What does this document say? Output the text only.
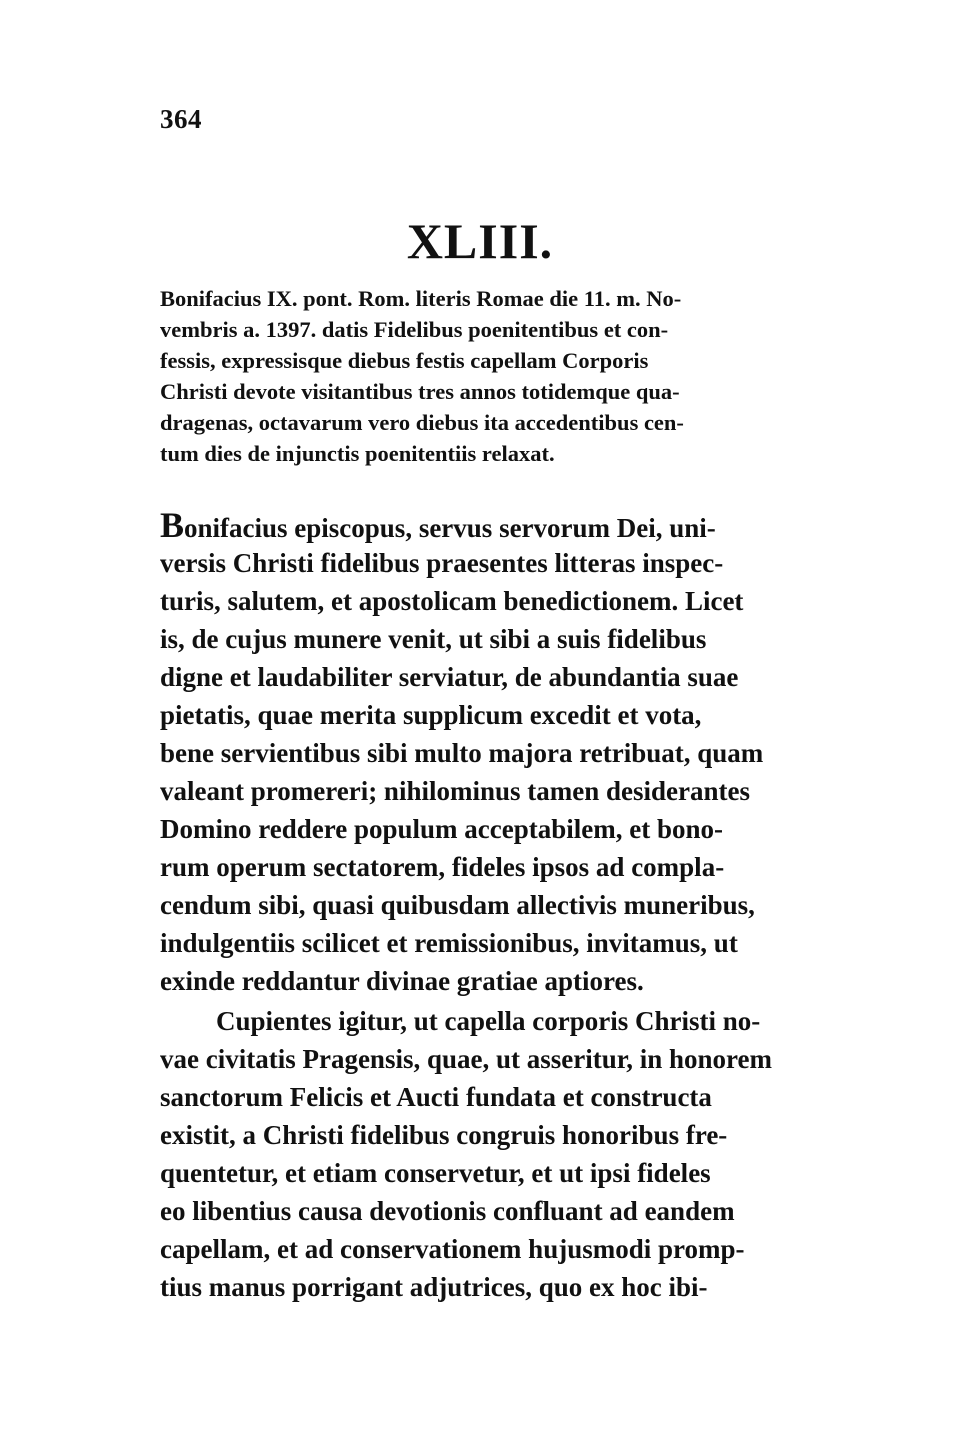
364
XLIII.
Bonifacius IX. pont. Rom. literis Romae die 11. m. No-
vembris a. 1397. datis Fidelibus poenitentibus et con-
fessis, expressisque diebus festis capellam Corporis
Christi devote visitantibus tres annos totidemque qua-
dragenas, octavarum vero diebus ita accedentibus cen-
tum dies de injunctis poenitentiis relaxat.
Bonifacius episcopus, servus servorum Dei, uni-
versis Christi fidelibus praesentes litteras inspec-
turis, salutem, et apostolicam benedictionem. Licet
is, de cujus munere venit, ut sibi a suis fidelibus
digne et laudabiliter serviatur, de abundantia suae
pietatis, quae merita supplicum excedit et vota,
bene servientibus sibi multo majora retribuat, quam
valeant promereri; nihilominus tamen desiderantes
Domino reddere populum acceptabilem, et bono-
rum operum sectatorem, fideles ipsos ad compla-
cendum sibi, quasi quibusdam allectivis muneribus,
indulgentiis scilicet et remissionibus, invitamus, ut
exinde reddantur divinae gratiae aptiores.
Cupientes igitur, ut capella corporis Christi no-
vae civitatis Pragensis, quae, ut asseritur, in honorem
sanctorum Felicis et Aucti fundata et constructa
existit, a Christi fidelibus congruis honoribus fre-
quentetur, et etiam conservetur, et ut ipsi fideles
eo libentius causa devotionis confluant ad eandem
capellam, et ad conservationem hujusmodi promp-
tius manus porrigant adjutrices, quo ex hoc ibi-
